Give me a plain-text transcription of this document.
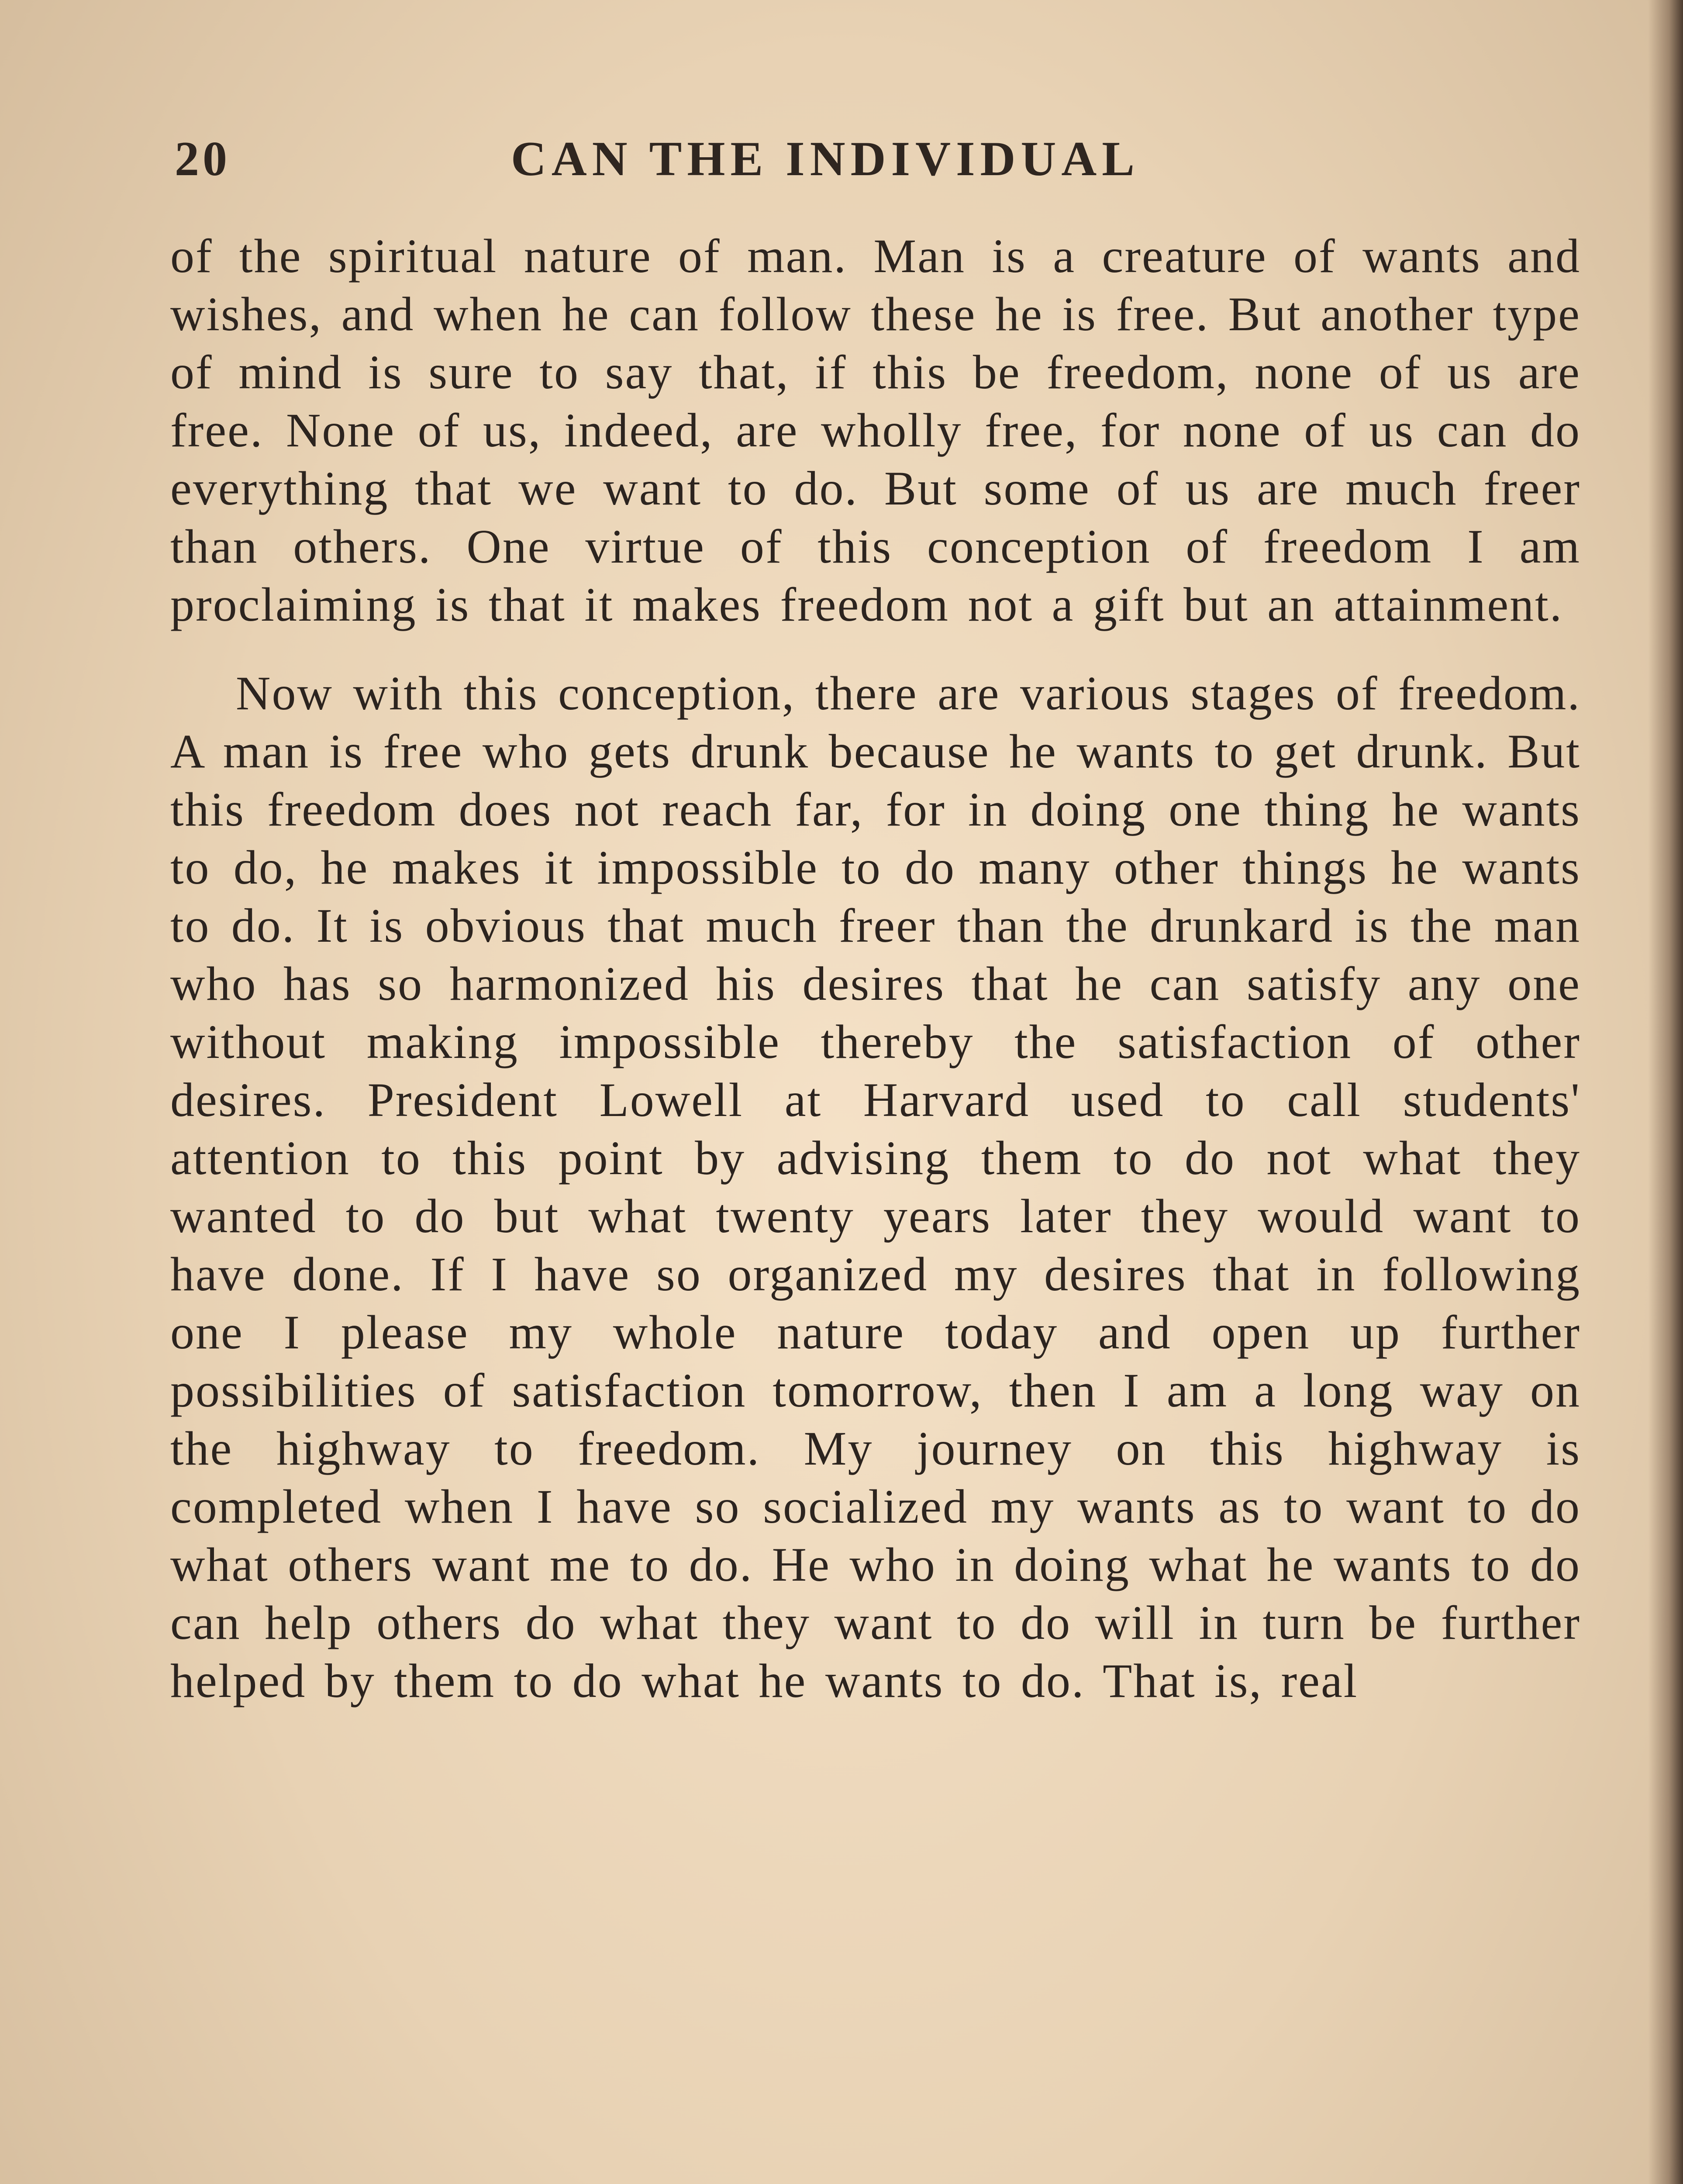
20	CAN THE INDIVIDUAL

of the spiritual nature of man. Man is a creature of wants and wishes, and when he can follow these he is free. But another type of mind is sure to say that, if this be freedom, none of us are free. None of us, indeed, are wholly free, for none of us can do everything that we want to do. But some of us are much freer than others. One virtue of this conception of freedom I am proclaiming is that it makes freedom not a gift but an attainment.

Now with this conception, there are various stages of freedom. A man is free who gets drunk because he wants to get drunk. But this freedom does not reach far, for in doing one thing he wants to do, he makes it impossible to do many other things he wants to do. It is obvious that much freer than the drunkard is the man who has so harmonized his desires that he can satisfy any one without making impossible thereby the satisfaction of other desires. President Lowell at Harvard used to call students' attention to this point by advising them to do not what they wanted to do but what twenty years later they would want to have done. If I have so organized my desires that in following one I please my whole nature today and open up further possibilities of satisfaction tomorrow, then I am a long way on the highway to freedom. My journey on this highway is completed when I have so socialized my wants as to want to do what others want me to do. He who in doing what he wants to do can help others do what they want to do will in turn be further helped by them to do what he wants to do. That is, real
